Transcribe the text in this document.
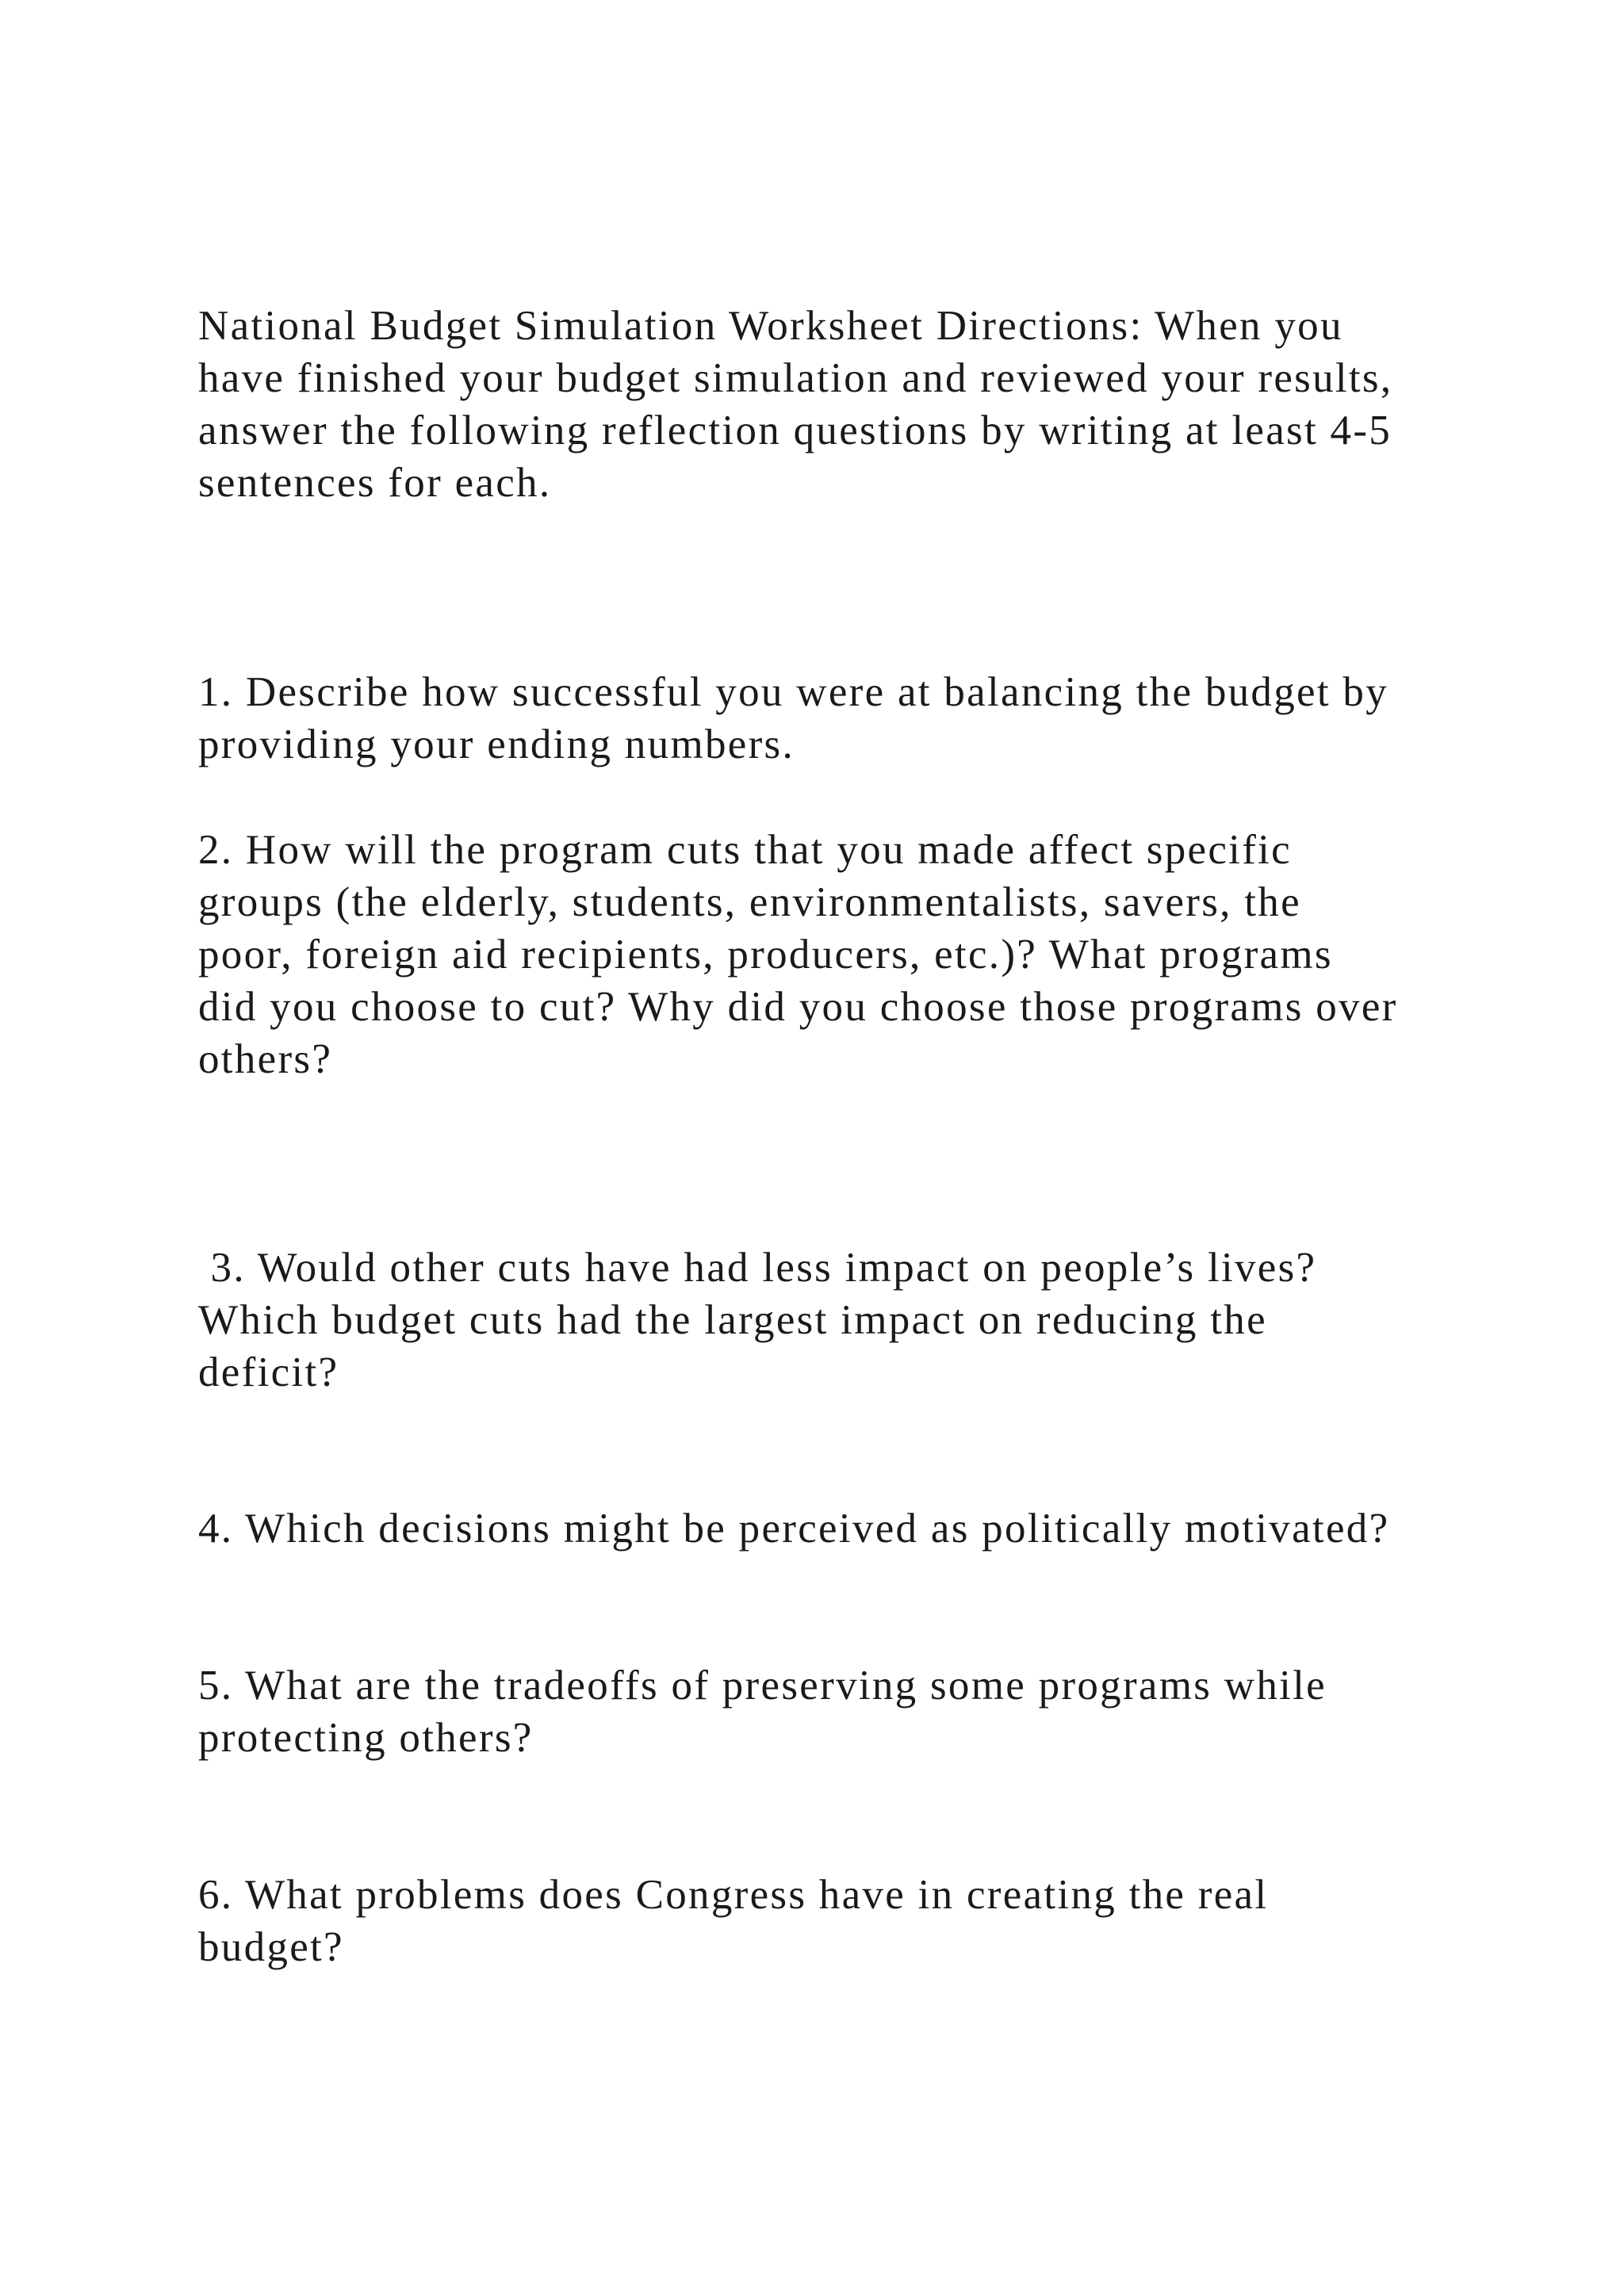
National Budget Simulation Worksheet Directions: When you
have finished your budget simulation and reviewed your results,
answer the following reflection questions by writing at least 4-5
sentences for each.

1. Describe how successful you were at balancing the budget by
providing your ending numbers.

2. How will the program cuts that you made affect specific
groups (the elderly, students, environmentalists, savers, the
poor, foreign aid recipients, producers, etc.)? What programs
did you choose to cut? Why did you choose those programs over
others?

3. Would other cuts have had less impact on people’s lives?
Which budget cuts had the largest impact on reducing the
deficit?

4. Which decisions might be perceived as politically motivated?

5. What are the tradeoffs of preserving some programs while
protecting others?

6. What problems does Congress have in creating the real
budget?
